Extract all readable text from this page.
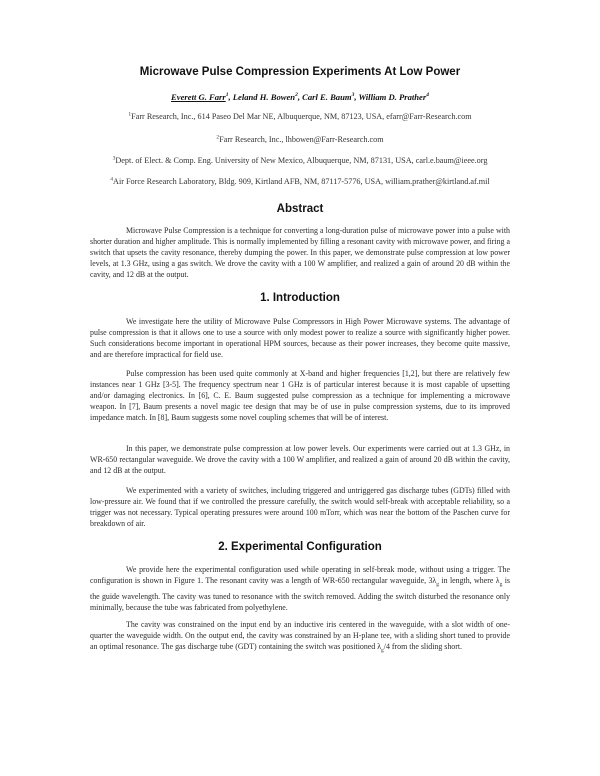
Microwave Pulse Compression Experiments At Low Power
Everett G. Farr$^1$, Leland H. Bowen$^2$, Carl E. Baum$^3$, William D. Prather$^4$
$^1$Farr Research, Inc., 614 Paseo Del Mar NE, Albuquerque, NM, 87123, USA, efarr@Farr-Research.com
$^2$Farr Research, Inc., lhbowen@Farr-Research.com
$^3$Dept. of Elect. & Comp. Eng. University of New Mexico, Albuquerque, NM, 87131, USA, carl.e.baum@ieee.org
$^4$Air Force Research Laboratory, Bldg. 909, Kirtland AFB, NM, 87117-5776, USA, william.prather@kirtland.af.mil
Abstract
Microwave Pulse Compression is a technique for converting a long-duration pulse of microwave power into a pulse with shorter duration and higher amplitude. This is normally implemented by filling a resonant cavity with microwave power, and firing a switch that upsets the cavity resonance, thereby dumping the power. In this paper, we demonstrate pulse compression at low power levels, at 1.3 GHz, using a gas switch. We drove the cavity with a 100 W amplifier, and realized a gain of around 20 dB within the cavity, and 12 dB at the output.
1. Introduction
We investigate here the utility of Microwave Pulse Compressors in High Power Microwave systems. The advantage of pulse compression is that it allows one to use a source with only modest power to realize a source with significantly higher power. Such considerations become important in operational HPM sources, because as their power increases, they become quite massive, and are therefore impractical for field use.
Pulse compression has been used quite commonly at X-band and higher frequencies [1,2], but there are relatively few instances near 1 GHz [3-5]. The frequency spectrum near 1 GHz is of particular interest because it is most capable of upsetting and/or damaging electronics. In [6], C. E. Baum suggested pulse compression as a technique for implementing a microwave weapon. In [7], Baum presents a novel magic tee design that may be of use in pulse compression systems, due to its improved impedance match. In [8], Baum suggests some novel coupling schemes that will be of interest.
In this paper, we demonstrate pulse compression at low power levels. Our experiments were carried out at 1.3 GHz, in WR-650 rectangular waveguide. We drove the cavity with a 100 W amplifier, and realized a gain of around 20 dB within the cavity, and 12 dB at the output.
We experimented with a variety of switches, including triggered and untriggered gas discharge tubes (GDTs) filled with low-pressure air. We found that if we controlled the pressure carefully, the switch would self-break with acceptable reliability, so a trigger was not necessary. Typical operating pressures were around 100 mTorr, which was near the bottom of the Paschen curve for breakdown of air.
2. Experimental Configuration
We provide here the experimental configuration used while operating in self-break mode, without using a trigger. The configuration is shown in Figure 1. The resonant cavity was a length of WR-650 rectangular waveguide, $3\lambda_g$ in length, where $\lambda_g$ is the guide wavelength. The cavity was tuned to resonance with the switch removed. Adding the switch disturbed the resonance only minimally, because the tube was fabricated from polyethylene.
The cavity was constrained on the input end by an inductive iris centered in the waveguide, with a slot width of one-quarter the waveguide width. On the output end, the cavity was constrained by an H-plane tee, with a sliding short tuned to provide an optimal resonance. The gas discharge tube (GDT) containing the switch was positioned $\lambda_g/4$ from the sliding short.
